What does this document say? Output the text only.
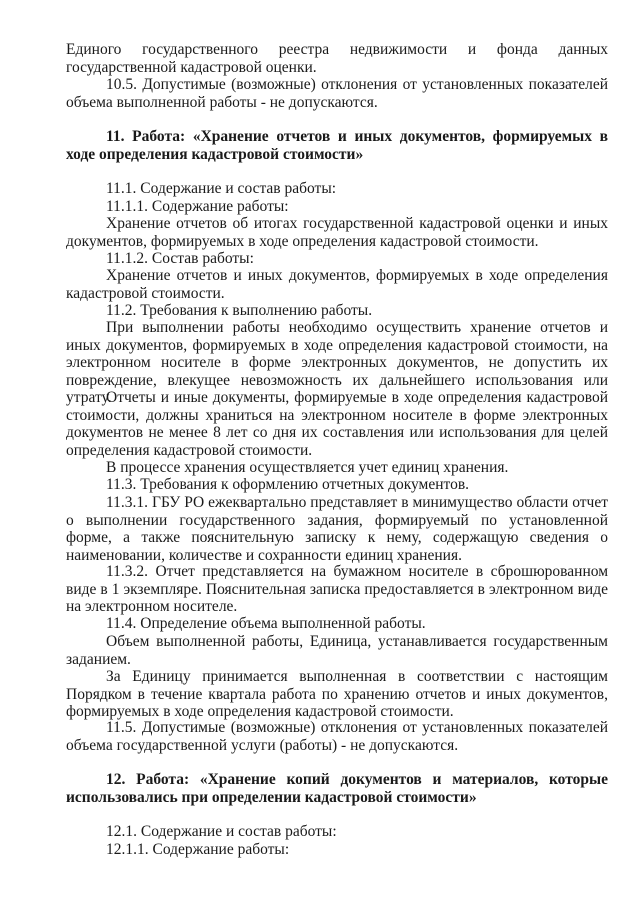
Единого государственного реестра недвижимости и фонда данных государственной кадастровой оценки.

10.5. Допустимые (возможные) отклонения от установленных показателей объема выполненной работы - не допускаются.

11. Работа: «Хранение отчетов и иных документов, формируемых в ходе определения кадастровой стоимости»

11.1. Содержание и состав работы:

11.1.1. Содержание работы:

Хранение отчетов об итогах государственной кадастровой оценки и иных документов, формируемых в ходе определения кадастровой стоимости.

11.1.2. Состав работы:

Хранение отчетов и иных документов, формируемых в ходе определения кадастровой стоимости.

11.2. Требования к выполнению работы.

При выполнении работы необходимо осуществить хранение отчетов и иных документов, формируемых в ходе определения кадастровой стоимости, на электронном носителе в форме электронных документов, не допустить их повреждение, влекущее невозможность их дальнейшего использования или утрату.

Отчеты и иные документы, формируемые в ходе определения кадастровой стоимости, должны храниться на электронном носителе в форме электронных документов не менее 8 лет со дня их составления или использования для целей определения кадастровой стоимости.

В процессе хранения осуществляется учет единиц хранения.

11.3. Требования к оформлению отчетных документов.

11.3.1. ГБУ РО ежеквартально представляет в минимущество области отчет о выполнении государственного задания, формируемый по установленной форме, а также пояснительную записку к нему, содержащую сведения о наименовании, количестве и сохранности единиц хранения.

11.3.2. Отчет представляется на бумажном носителе в сброшюрованном виде в 1 экземпляре. Пояснительная записка предоставляется в электронном виде на электронном носителе.

11.4. Определение объема выполненной работы.

Объем выполненной работы, Единица, устанавливается государственным заданием.

За Единицу принимается выполненная в соответствии с настоящим Порядком в течение квартала работа по хранению отчетов и иных документов, формируемых в ходе определения кадастровой стоимости.

11.5. Допустимые (возможные) отклонения от установленных показателей объема государственной услуги (работы) - не допускаются.

12. Работа: «Хранение копий документов и материалов, которые использовались при определении кадастровой стоимости»

12.1. Содержание и состав работы:

12.1.1. Содержание работы:
